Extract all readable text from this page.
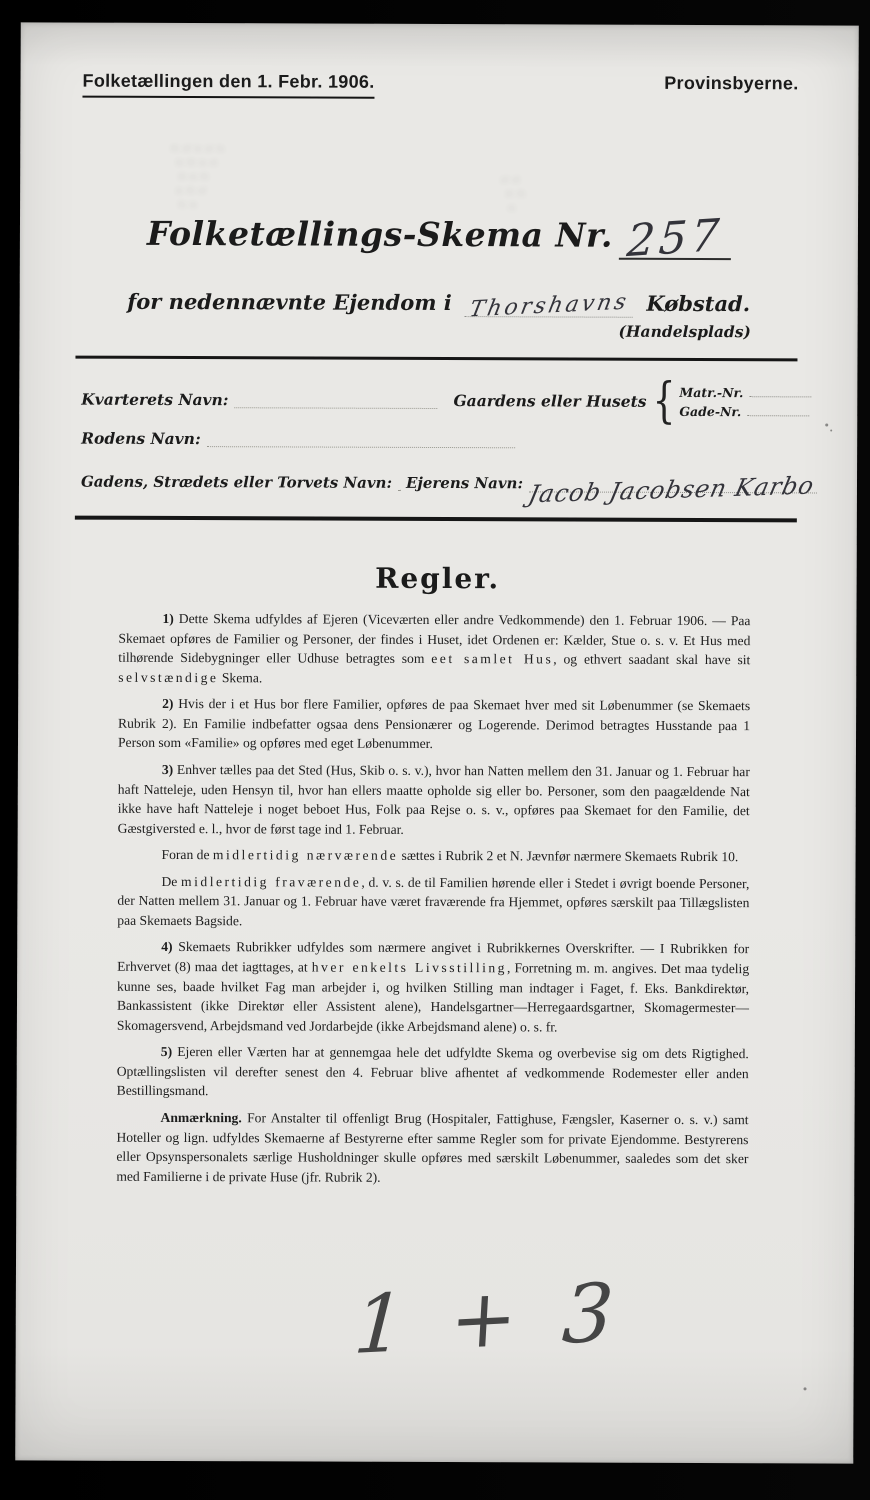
ffi iff lli ilf fli
fil ffl ilt tfi
lfi tli ffi
ili ffi tlf
fli ilt
ilf tfl
lfi ffi
tli
Folketællingen den 1. Febr. 1906.	Provinsbyerne.
Folketællings-Skema Nr. 257
for nedennævnte Ejendom i Thorshavns Købstad.
(Handelsplads)
Kvarterets Navn:	Gaardens eller Husets { Matr.-Nr.
Gade-Nr.
Rodens Navn:
Gadens, Strædets eller Torvets Navn: Ejerens Navn: Jacob Jacobsen Karbo
Regler.

1) Dette Skema udfyldes af Ejeren (Viceværten eller andre Vedkommende) den 1. Februar 1906. — Paa Skemaet opføres de Familier og Personer, der findes i Huset, idet Ordenen er: Kælder, Stue o. s. v. Et Hus med tilhørende Sidebygninger eller Udhuse betragtes som eet samlet Hus, og ethvert saadant skal have sit selvstændige Skema.

2) Hvis der i et Hus bor flere Familier, opføres de paa Skemaet hver med sit Løbenummer (se Skemaets Rubrik 2). En Familie indbefatter ogsaa dens Pensionærer og Logerende. Derimod betragtes Husstande paa 1 Person som «Familie» og opføres med eget Løbenummer.

3) Enhver tælles paa det Sted (Hus, Skib o. s. v.), hvor han Natten mellem den 31. Januar og 1. Februar har haft Natteleje, uden Hensyn til, hvor han ellers maatte opholde sig eller bo. Personer, som den paagældende Nat ikke have haft Natteleje i noget beboet Hus, Folk paa Rejse o. s. v., opføres paa Skemaet for den Familie, det Gæstgiversted e. l., hvor de først tage ind 1. Februar.

Foran de midlertidig nærværende sættes i Rubrik 2 et N. Jævnfør nærmere Skemaets Rubrik 10.

De midlertidig fraværende, d. v. s. de til Familien hørende eller i Stedet i øvrigt boende Personer, der Natten mellem 31. Januar og 1. Februar have været fraværende fra Hjemmet, opføres særskilt paa Tillægslisten paa Skemaets Bagside.

4) Skemaets Rubrikker udfyldes som nærmere angivet i Rubrikkernes Overskrifter. — I Rubrikken for Erhvervet (8) maa det iagttages, at hver enkelts Livsstilling, Forretning m. m. angives. Det maa tydelig kunne ses, baade hvilket Fag man arbejder i, og hvilken Stilling man indtager i Faget, f. Eks. Bankdirektør, Bankassistent (ikke Direktør eller Assistent alene), Handelsgartner—Herregaardsgartner, Skomagermester—Skomagersvend, Arbejdsmand ved Jordarbejde (ikke Arbejdsmand alene) o. s. fr.

5) Ejeren eller Værten har at gennemgaa hele det udfyldte Skema og overbevise sig om dets Rigtighed. Optællingslisten vil derefter senest den 4. Februar blive afhentet af vedkommende Rodemester eller anden Bestillingsmand.

Anmærkning. For Anstalter til offenligt Brug (Hospitaler, Fattighuse, Fængsler, Kaserner o. s. v.) samt Hoteller og lign. udfyldes Skemaerne af Bestyrerne efter samme Regler som for private Ejendomme. Bestyrerens eller Opsynspersonalets særlige Husholdninger skulle opføres med særskilt Løbenummer, saaledes som det sker med Familierne i de private Huse (jfr. Rubrik 2).

1 + 3
